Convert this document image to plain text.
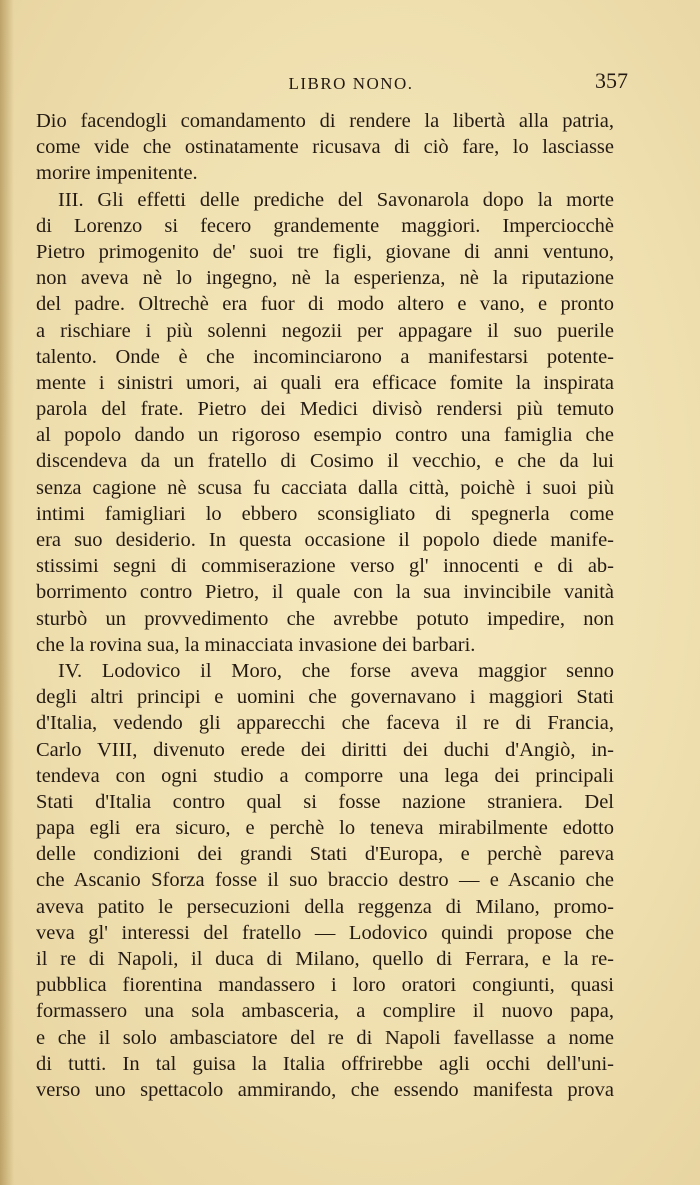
LIBRO NONO.	357
Dio facendogli comandamento di rendere la libertà alla patria,
come vide che ostinatamente ricusava di ciò fare, lo lasciasse
morire impenitente.
III. Gli effetti delle prediche del Savonarola dopo la morte
di Lorenzo si fecero grandemente maggiori. Imperciocchè
Pietro primogenito de' suoi tre figli, giovane di anni ventuno,
non aveva nè lo ingegno, nè la esperienza, nè la riputazione
del padre. Oltrechè era fuor di modo altero e vano, e pronto
a rischiare i più solenni negozii per appagare il suo puerile
talento. Onde è che incominciarono a manifestarsi potente-
mente i sinistri umori, ai quali era efficace fomite la inspirata
parola del frate. Pietro dei Medici divisò rendersi più temuto
al popolo dando un rigoroso esempio contro una famiglia che
discendeva da un fratello di Cosimo il vecchio, e che da lui
senza cagione nè scusa fu cacciata dalla città, poichè i suoi più
intimi famigliari lo ebbero sconsigliato di spegnerla come
era suo desiderio. In questa occasione il popolo diede manife-
stissimi segni di commiserazione verso gl' innocenti e di ab-
borrimento contro Pietro, il quale con la sua invincibile vanità
sturbò un provvedimento che avrebbe potuto impedire, non
che la rovina sua, la minacciata invasione dei barbari.
IV. Lodovico il Moro, che forse aveva maggior senno
degli altri principi e uomini che governavano i maggiori Stati
d'Italia, vedendo gli apparecchi che faceva il re di Francia,
Carlo VIII, divenuto erede dei diritti dei duchi d'Angiò, in-
tendeva con ogni studio a comporre una lega dei principali
Stati d'Italia contro qual si fosse nazione straniera. Del
papa egli era sicuro, e perchè lo teneva mirabilmente edotto
delle condizioni dei grandi Stati d'Europa, e perchè pareva
che Ascanio Sforza fosse il suo braccio destro — e Ascanio che
aveva patito le persecuzioni della reggenza di Milano, promo-
veva gl' interessi del fratello — Lodovico quindi propose che
il re di Napoli, il duca di Milano, quello di Ferrara, e la re-
pubblica fiorentina mandassero i loro oratori congiunti, quasi
formassero una sola ambasceria, a complire il nuovo papa,
e che il solo ambasciatore del re di Napoli favellasse a nome
di tutti. In tal guisa la Italia offrirebbe agli occhi dell'uni-
verso uno spettacolo ammirando, che essendo manifesta prova
